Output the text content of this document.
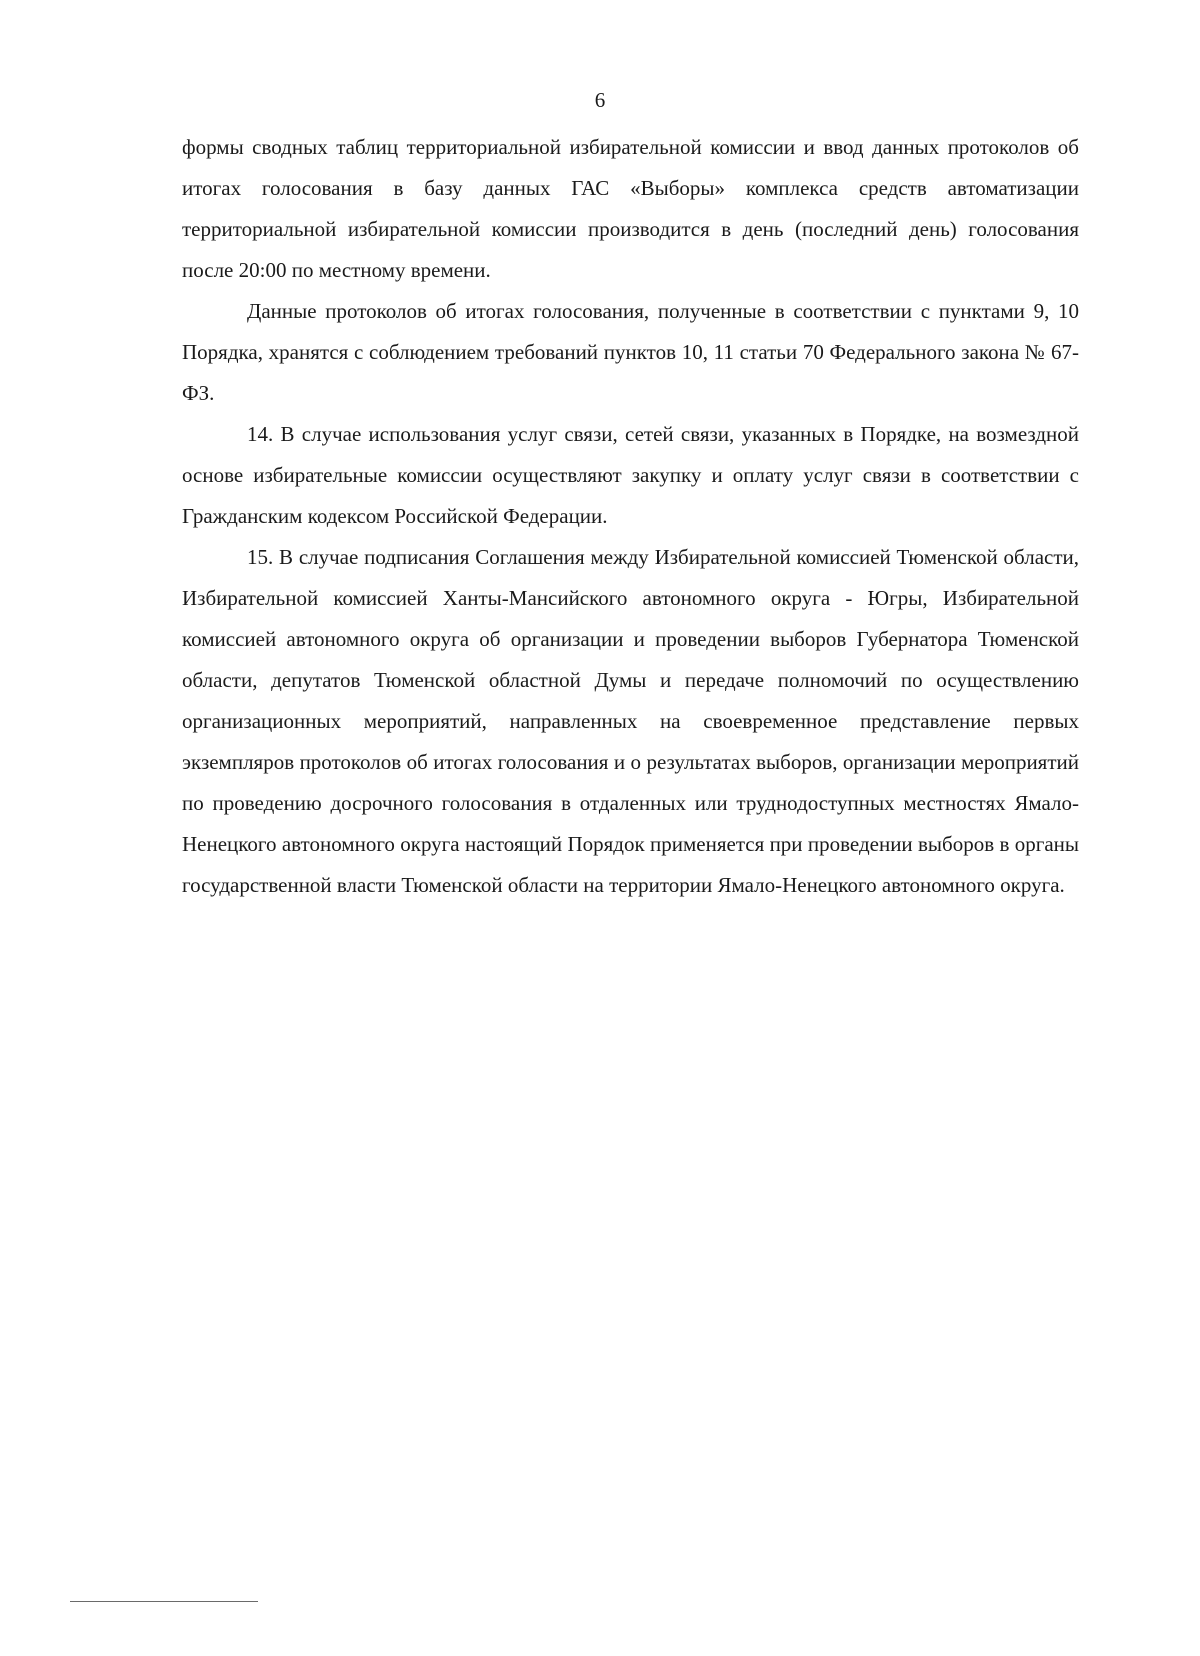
6

формы сводных таблиц территориальной избирательной комиссии и ввод данных протоколов об итогах голосования в базу данных ГАС «Выборы» комплекса средств автоматизации территориальной избирательной комиссии производится в день (последний день) голосования после 20:00 по местному времени.

Данные протоколов об итогах голосования, полученные в соответствии с пунктами 9, 10 Порядка, хранятся с соблюдением требований пунктов 10, 11 статьи 70 Федерального закона № 67-ФЗ.

14. В случае использования услуг связи, сетей связи, указанных в Порядке, на возмездной основе избирательные комиссии осуществляют закупку и оплату услуг связи в соответствии с Гражданским кодексом Российской Федерации.

15. В случае подписания Соглашения между Избирательной комиссией Тюменской области, Избирательной комиссией Ханты-Мансийского автономного округа - Югры, Избирательной комиссией автономного округа об организации и проведении выборов Губернатора Тюменской области, депутатов Тюменской областной Думы и передаче полномочий по осуществлению организационных мероприятий, направленных на своевременное представление первых экземпляров протоколов об итогах голосования и о результатах выборов, организации мероприятий по проведению досрочного голосования в отдаленных или труднодоступных местностях Ямало-Ненецкого автономного округа настоящий Порядок применяется при проведении выборов в органы государственной власти Тюменской области на территории Ямало-Ненецкого автономного округа.
